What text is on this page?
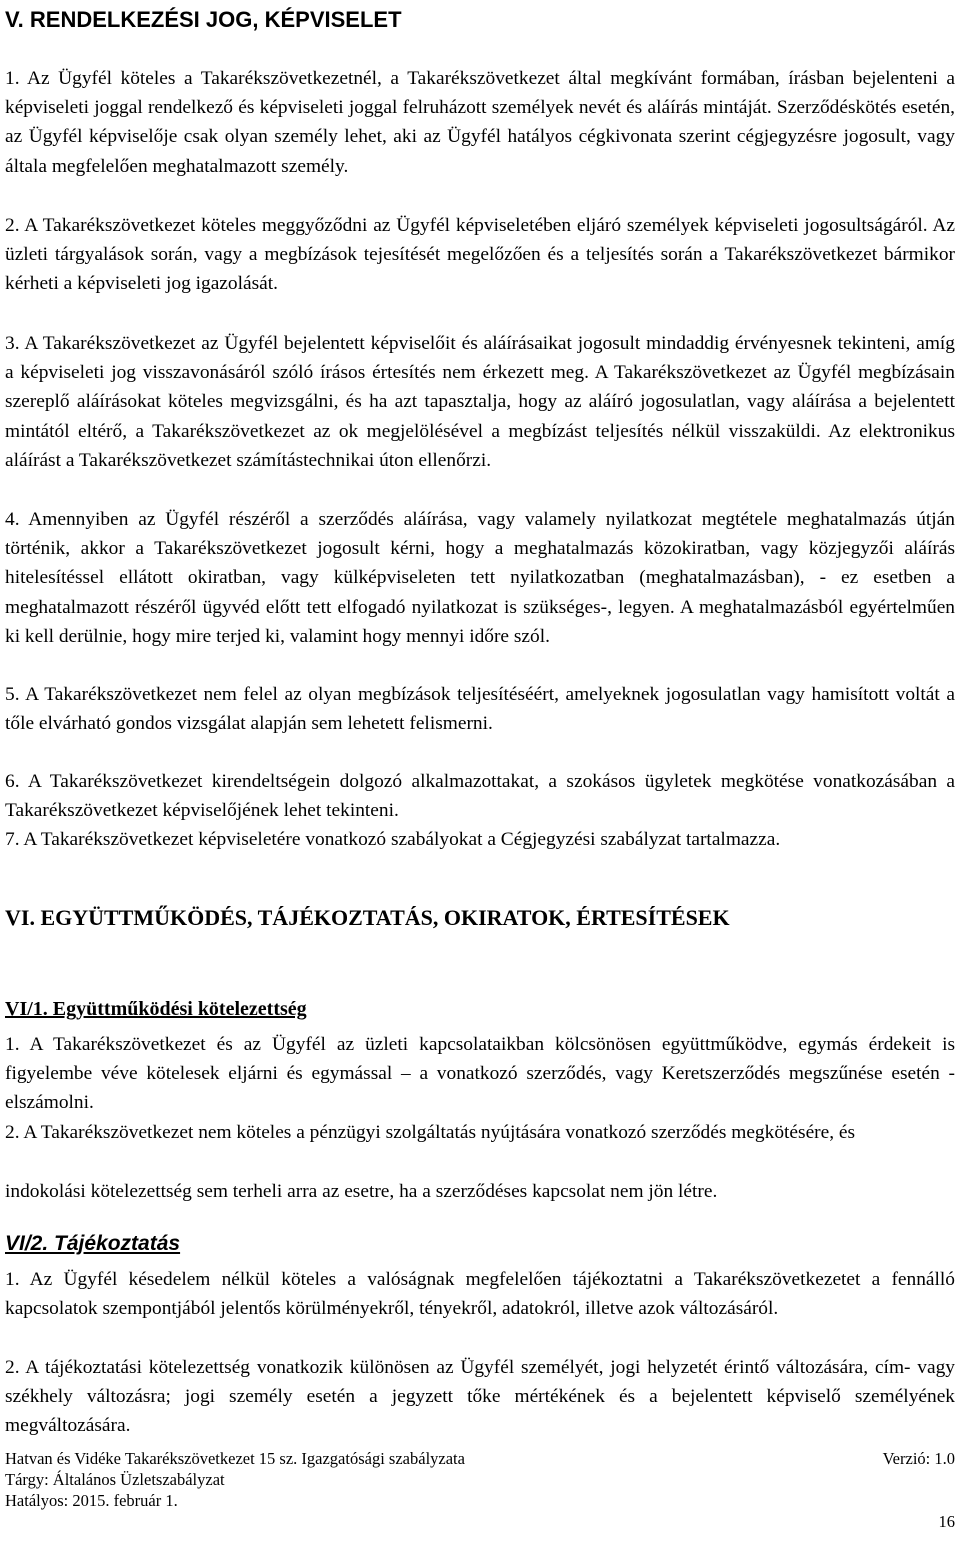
V. RENDELKEZÉSI JOG, KÉPVISELET

1. Az Ügyfél köteles a Takarékszövetkezetnél, a Takarékszövetkezet által megkívánt formában, írásban bejelenteni a képviseleti joggal rendelkező és képviseleti joggal felruházott személyek nevét és aláírás mintáját. Szerződéskötés esetén, az Ügyfél képviselője csak olyan személy lehet, aki az Ügyfél hatályos cégkivonata szerint cégjegyzésre jogosult, vagy általa megfelelően meghatalmazott személy.

2. A Takarékszövetkezet köteles meggyőződni az Ügyfél képviseletében eljáró személyek képviseleti jogosultságáról. Az üzleti tárgyalások során, vagy a megbízások tejesítését megelőzően és a teljesítés során a Takarékszövetkezet bármikor kérheti a képviseleti jog igazolását.

3. A Takarékszövetkezet az Ügyfél bejelentett képviselőit és aláírásaikat jogosult mindaddig érvényesnek tekinteni, amíg a képviseleti jog visszavonásáról szóló írásos értesítés nem érkezett meg. A Takarékszövetkezet az Ügyfél megbízásain szereplő aláírásokat köteles megvizsgálni, és ha azt tapasztalja, hogy az aláíró jogosulatlan, vagy aláírása a bejelentett mintától eltérő, a Takarékszövetkezet az ok megjelölésével a megbízást teljesítés nélkül visszaküldi. Az elektronikus aláírást a Takarékszövetkezet számítástechnikai úton ellenőrzi.

4. Amennyiben az Ügyfél részéről a szerződés aláírása, vagy valamely nyilatkozat megtétele meghatalmazás útján történik, akkor a Takarékszövetkezet jogosult kérni, hogy a meghatalmazás közokiratban, vagy közjegyzői aláírás hitelesítéssel ellátott okiratban, vagy külképviseleten tett nyilatkozatban (meghatalmazásban), - ez esetben a meghatalmazott részéről ügyvéd előtt tett elfogadó nyilatkozat is szükséges-, legyen. A meghatalmazásból egyértelműen ki kell derülnie, hogy mire terjed ki, valamint hogy mennyi időre szól.

5. A Takarékszövetkezet nem felel az olyan megbízások teljesítéséért, amelyeknek jogosulatlan vagy hamisított voltát a tőle elvárható gondos vizsgálat alapján sem lehetett felismerni.

6. A Takarékszövetkezet kirendeltségein dolgozó alkalmazottakat, a szokásos ügyletek megkötése vonatkozásában a Takarékszövetkezet képviselőjének lehet tekinteni.

7. A Takarékszövetkezet képviseletére vonatkozó szabályokat a Cégjegyzési szabályzat tartalmazza.

VI. EGYÜTTMŰKÖDÉS, TÁJÉKOZTATÁS, OKIRATOK, ÉRTESÍTÉSEK
VI/1. Együttműködési kötelezettség

1. A Takarékszövetkezet és az Ügyfél az üzleti kapcsolataikban kölcsönösen együttműködve, egymás érdekeit is figyelembe véve kötelesek eljárni és egymással – a vonatkozó szerződés, vagy Keretszerződés megszűnése esetén - elszámolni.

2. A Takarékszövetkezet nem köteles a pénzügyi szolgáltatás nyújtására vonatkozó szerződés megkötésére, és

indokolási kötelezettség sem terheli arra az esetre, ha a szerződéses kapcsolat nem jön létre.

VI/2. Tájékoztatás

1. Az Ügyfél késedelem nélkül köteles a valóságnak megfelelően tájékoztatni a Takarékszövetkezetet a fennálló kapcsolatok szempontjából jelentős körülményekről, tényekről, adatokról, illetve azok változásáról.

2. A tájékoztatási kötelezettség vonatkozik különösen az Ügyfél személyét, jogi helyzetét érintő változására, cím- vagy székhely változásra; jogi személy esetén a jegyzett tőke mértékének és a bejelentett képviselő személyének megváltozására.

Hatvan és Vidéke Takarékszövetkezet 15 sz. Igazgatósági szabályzata	Verzió: 1.0
Tárgy: Általános Üzletszabályzat
Hatályos: 2015. február 1.
16
